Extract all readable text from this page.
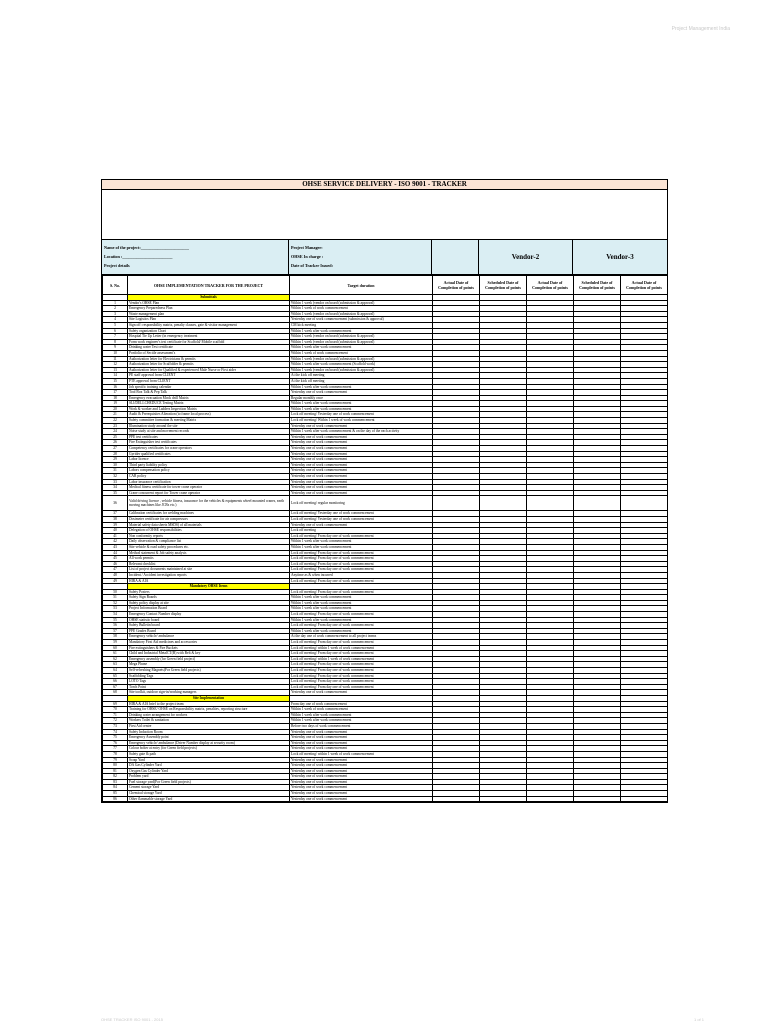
Project Management India
OHSE SERVICE DELIVERY - ISO 9001 - TRACKER
Name of the project:_______________________
Location :________________________
Project details
Project Manager:
OHSE In charge :
Date of Tracker Issued:
Vendor-2	Vendor-3
S. No.	OHSE IMPLEMENTATION TRACKER FOR THE PROJECT	Target duration	Actual Date of Completion of points	Scheduled Date of Completion of points	Actual Date of Completion of points	Scheduled Date of Completion of points	Actual Date of Completion of points
	Submittals						
1	Vendor's OHSE Plan	Within 1 week (vendor on board (submission & approval)					
2	Emergency Preparedness Plan	Within 1 week of work commencement					
3	Waste management plan	Within 1 week (vendor on board (submission & approval)					
4	Site Logistics Plan	Yesterday one of work commencement (submission & approval)					
5	Sign off: responsibility matrix, penalty clauses, gate & visitor management	CM kick meeting					
6	Safety organization Chart	Within 1 week after work commencement					
7	Hospital Tie Up Letter (in emergency treatment	Within 1 week (vendor on board (submission & approval)					
8	Form work engineer's test certificate for Scaffold/ Mobile scaffold	Within 1 week (vendor on board (submission & approval)					
9	Drinking water Test certificate	Within 1 week after work commencement					
10	Portfolio of Sectile assessment's	Within 1 week of work commencement					
11	Authorization letter for Electricians & permits	Within 1 week (vendor on board (submission & approval)					
12	Authorization letter for Scaffolder & permits	Within 1 week after work commencement (Scaffold work)					
13	Authorization letter for Qualified & experienced Male Nurse or First aider	Within 1 week (vendor on board (submission & approval)					
14	PE staff approval from CLIENT	At the kick off meeting					
15	PTE approval from CLIENT	At the kick off meeting					
16	Job specific training calendar	Within 1 week after work commencement					
17	Tool Box Talk & Pep Talk	Yesterday one of work commencement					
18	Emergency evacuation Mock drill Matrix	Regular monthly once					
19	SLI/DELLCHEDUCE Testing Matrix	Within 1 week after work commencement					
20	Work & worker and Ladders Inspection Matrix	Within 1 week after work commencement					
21	Audit & Prerequisites Alteration (to frame local process)	Lock off meeting/ Yesterday one of work commencement					
22	Safety committee formation & meeting Matrix	Lock off meeting/ Within 1 week of work commencement					
23	Illumination study around the site	Yesterday one of work commencement					
24	Noise study at site and movement records	Within 1 week after work commencement & on the day of the each activity					
25	PPE test certificates	Yesterday one of work commencement					
26	Fire Extinguisher test certificates	Yesterday one of work commencement					
27	Competency certificates for crane operators	Yesterday one of work commencement					
28	Gyrider qualified certificates	Yesterday one of work commencement					
29	Labor licence	Yesterday one of work commencement					
30	Third party liability policy	Yesterday one of work commencement					
31	Labors compensation policy	Yesterday one of work commencement					
32	CAR policy	Yesterday one of work commencement					
33	Labor insurance certification	Yesterday one of work commencement					
34	Medical fitness certificate for tower crane operator	Yesterday one of work commencement					
35	Crane concurrent report for Tower crane operator	Yesterday one of work commencement					
36	Valid driving licence , vehicle fitness, insurance for the vehicles & equipments wheel mounted cranes, earth moving machines like JCBs etc.)	Lock off meeting/ regular monitoring					
37	Calibration certificates for welding machines	Lock off meeting/ Yesterday one of work commencement					
38	Dosimeter certificate for air compressors	Lock off meeting/ Yesterday one of work commencement					
39	Material safety data sheets MSDS) of all materials	Yesterday one of work commencement					
40	Delegation of OHSE responsibilities	Lock off meeting					
41	Non conformity reports	Lock off meeting/ From day one of work commencement					
42	Daily observation & compliance list	Within 1 week after work commencement					
43	Site vehicle & road safety procedures etc.	Within 1 week after work commencement					
44	Method statement & Job safety analysis	Lock off meeting/ From day one of work commencement					
45	All work permits	Lock off meeting/ From day one of work commencement					
46	Relevant checklist	Lock off meeting/ From day one of work commencement					
47	List of project documents maintained at site	Lock off meeting/ From day one of work commencement					
48	Incident / Accident investigation reports	Anytime as & when incurred					
49	HIRA & AIA	Lock off meeting/ From day one of work commencement					
	Mandatory OHSE Items						
50	Safety Posters	Lock off meeting/ From day one of work commencement					
51	Safety Sign Boards	Within 1 week after work commencement					
52	Safety policy display at site	Within 1 week after work commencement					
53	Project Information Board	Within 1 week after work commencement					
54	Emergency Contact Number display	Lock off meeting/ From day one of work commencement					
55	OHSE statistic board	Within 1 week after work commencement					
56	Safety Bulletin board	Lock off meeting/ From day one of work commencement					
57	PPE Grades Board	Within 1 week after work commencement					
58	Emergency vehicle/ ambulance	At the day one of work commencement to all project teams					
59	Mandatory First Aid medicines and accessories	Lock off meeting/ From day one of work commencement					
60	Fire extinguishers & Fire Buckets	Lock off meeting/ within 1 week of work commencement					
61	Child and Industrial MetalCT(B) with Belt & key	Lock off meeting/ From day one of work commencement					
62	Emergency assembly (for Green field project)	Lock off meeting/ within 1 week of work commencement					
63	Mega Phone	Lock off meeting/ From day one of work commencement					
64	Self-refreshing Magnets(For Green field projects)	Lock off meeting/ From day one of work commencement					
65	Scaffolding Tags	Lock off meeting/ From day one of work commencement					
66	LOTO Tags	Lock off meeting/ From day one of work commencement					
67	Torch Point	Lock off meeting/ From day one of work commencement					
68	Site toolkit, outdoor sign-in/working managers	Yesterday one of work commencement					
	Site Implementation						
69	HIRA & AIA brief to the project team	From day one of work commencement					
70	Training for OHSE/ OHSE on Responsibility matrix, penalties, reporting structure	Within 1 week of work commencement					
71	Drinking water arrangement for workers	Within 1 week after work commencement					
72	Workers Toilet & sanitation	Within 1 week after work commencement					
73	First Aid centre	Before two days of work commencement					
74	Safety Induction Room	Yesterday one of work commencement					
75	Emergency Assembly point	Yesterday one of work commencement					
76	Emergency vehicle/ ambulance (Driver Number display at security room)	Yesterday one of work commencement					
77	Colour bolter at entry (for Green field projects)	Yesterday one of work commencement					
78	Safety gate & path	Lock off meeting/ within 1 week of work commencement					
79	Scrap Yard	Yesterday one of work commencement					
80	DA Gas Cylinder Yard	Yesterday one of work commencement					
81	Oxygen Gas Cylinder Yard	Yesterday one of work commencement					
82	Problem yard	Yesterday one of work commencement					
83	Fuel storage yard(For Green field projects)	Yesterday one of work commencement					
84	Cement storage Yard	Yesterday one of work commencement					
85	Chemical storage Yard	Yesterday one of work commencement					
86	Other flammable storage Yard	Yesterday one of work commencement					
OHSE TRACKER ISO 9001 - 2015	1 of 1
